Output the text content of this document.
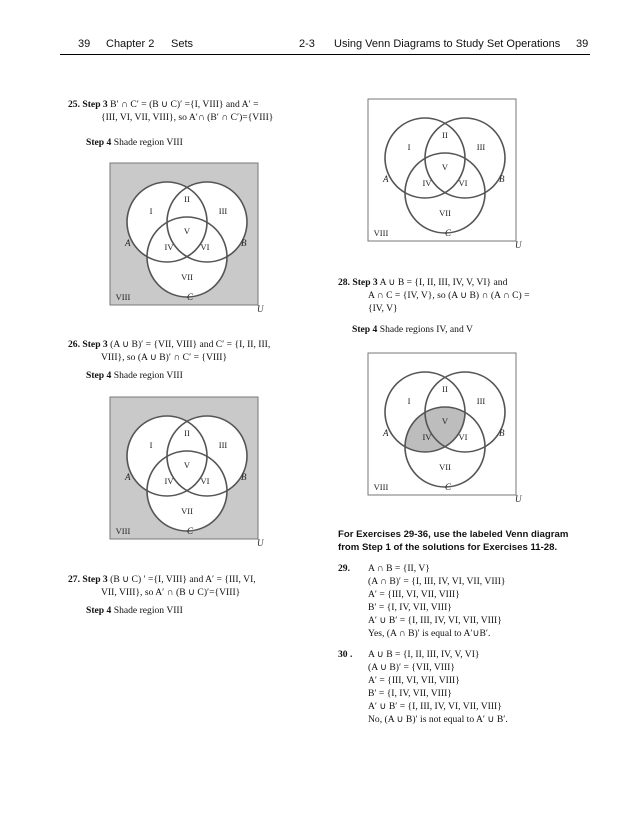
39 Chapter 2 Sets	2-3 Using Venn Diagrams to Study Set Operations 39
25. Step 3 B′ ∩ C′ = (B ∪ C)′ ={I, VIII} and A′ =
{III, VI, VII, VIII}, so A′∩ (B′ ∩ C′)={VIII}
Step 4 Shade region VIII
I
II
III
IV
V
VI
VII
VIII
A	B
C
U
26. Step 3 (A ∪ B)′ = {VII, VIII} and C′ = {I, II, III,
VIII}, so (A ∪ B)′ ∩ C′ = {VIII}
Step 4 Shade region VIII
I
II
III
IV
V
VI
VII
VIII
A	B
C
U
27. Step 3 (B ∪ C) ′ ={I, VIII} and A′ = {III, VI,
VII, VIII}, so A′ ∩ (B ∪ C)′={VIII}
Step 4 Shade region VIII
I
II
III
IV
V
VI
VII
VIII
A	B
C
U
28. Step 3 A ∪ B = {I, II, III, IV, V, VI} and
A ∩ C = {IV, V}, so (A ∪ B) ∩ (A ∩ C) =
{IV, V}
Step 4 Shade regions IV, and V
I
II
III
IV
V
VI
VII
VIII
A	B
C
U
For Exercises 29-36, use the labeled Venn diagram
from Step 1 of the solutions for Exercises 11-28.
29. A ∩ B = {II, V}
(A ∩ B)′ = {I, III, IV, VI, VII, VIII}
A′ = {III, VI, VII, VIII}
B′ = {I, IV, VII, VIII}
A′ ∪ B′ = {I, III, IV, VI, VII, VIII}
Yes, (A ∩ B)′ is equal to A′∪B′.
30 . A ∪ B = {I, II, III, IV, V, VI}
(A ∪ B)′ = {VII, VIII}
A′ = {III, VI, VII, VIII}
B′ = {I, IV, VII, VIII}
A′ ∪ B′ = {I, III, IV, VI, VII, VIII}
No, (A ∪ B)′ is not equal to A′ ∪ B′.
